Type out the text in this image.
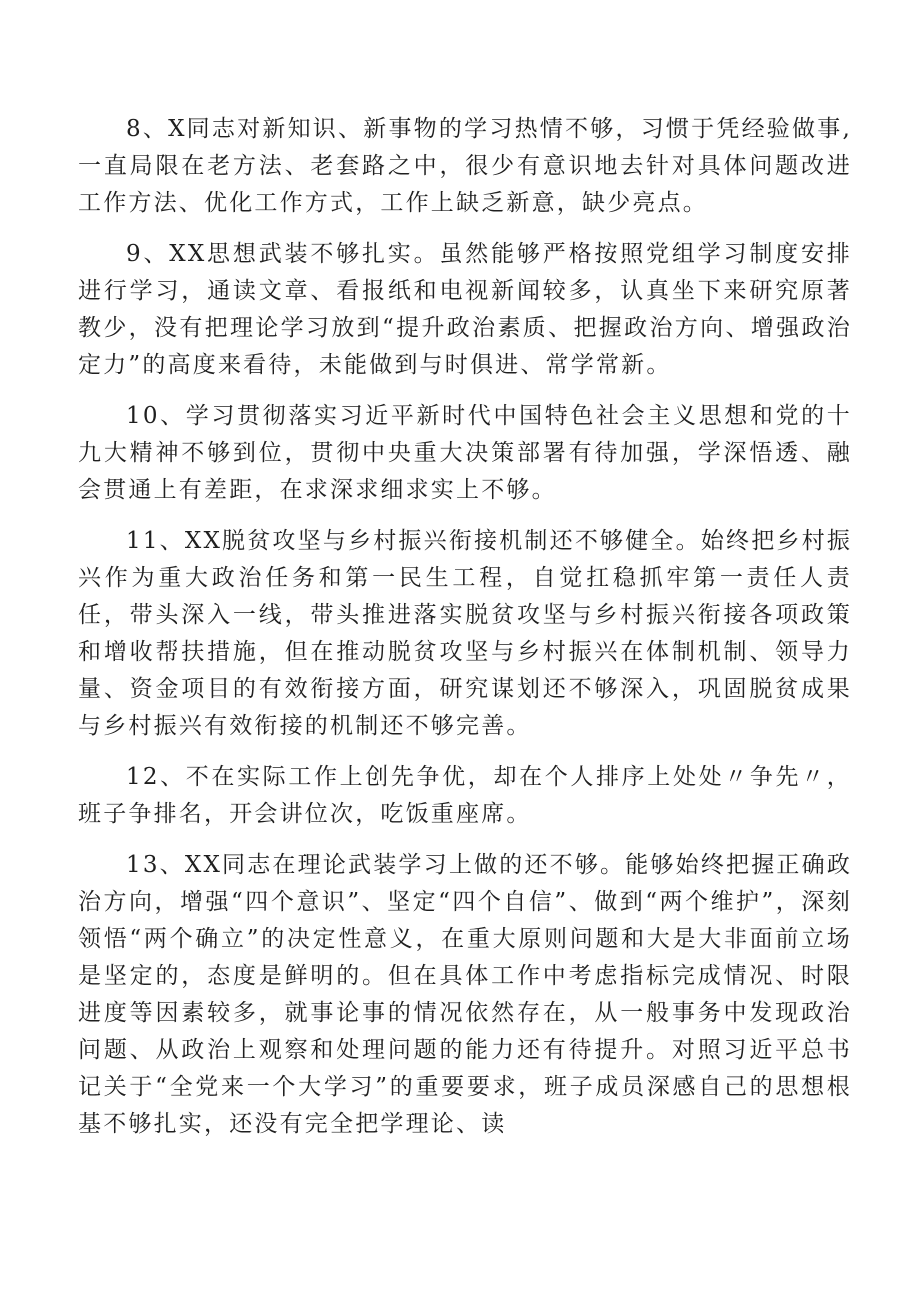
8、X同志对新知识、新事物的学习热情不够，习惯于凭经验做事,一直局限在老方法、老套路之中，很少有意识地去针对具体问题改进工作方法、优化工作方式，工作上缺乏新意，缺少亮点。

9、XX思想武装不够扎实。虽然能够严格按照党组学习制度安排进行学习，通读文章、看报纸和电视新闻较多，认真坐下来研究原著教少，没有把理论学习放到“提升政治素质、把握政治方向、增强政治定力”的高度来看待，未能做到与时俱进、常学常新。

10、学习贯彻落实习近平新时代中国特色社会主义思想和党的十九大精神不够到位，贯彻中央重大决策部署有待加强，学深悟透、融会贯通上有差距，在求深求细求实上不够。

11、XX脱贫攻坚与乡村振兴衔接机制还不够健全。始终把乡村振兴作为重大政治任务和第一民生工程，自觉扛稳抓牢第一责任人责任，带头深入一线，带头推进落实脱贫攻坚与乡村振兴衔接各项政策和增收帮扶措施，但在推动脱贫攻坚与乡村振兴在体制机制、领导力量、资金项目的有效衔接方面，研究谋划还不够深入，巩固脱贫成果与乡村振兴有效衔接的机制还不够完善。

12、不在实际工作上创先争优，却在个人排序上处处〃争先〃，班子争排名，开会讲位次，吃饭重座席。

13、XX同志在理论武装学习上做的还不够。能够始终把握正确政治方向，增强“四个意识”、坚定“四个自信”、做到“两个维护”，深刻领悟“两个确立”的决定性意义，在重大原则问题和大是大非面前立场是坚定的，态度是鲜明的。但在具体工作中考虑指标完成情况、时限进度等因素较多，就事论事的情况依然存在，从一般事务中发现政治问题、从政治上观察和处理问题的能力还有待提升。对照习近平总书记关于“全党来一个大学习”的重要要求，班子成员深感自己的思想根基不够扎实，还没有完全把学理论、读
